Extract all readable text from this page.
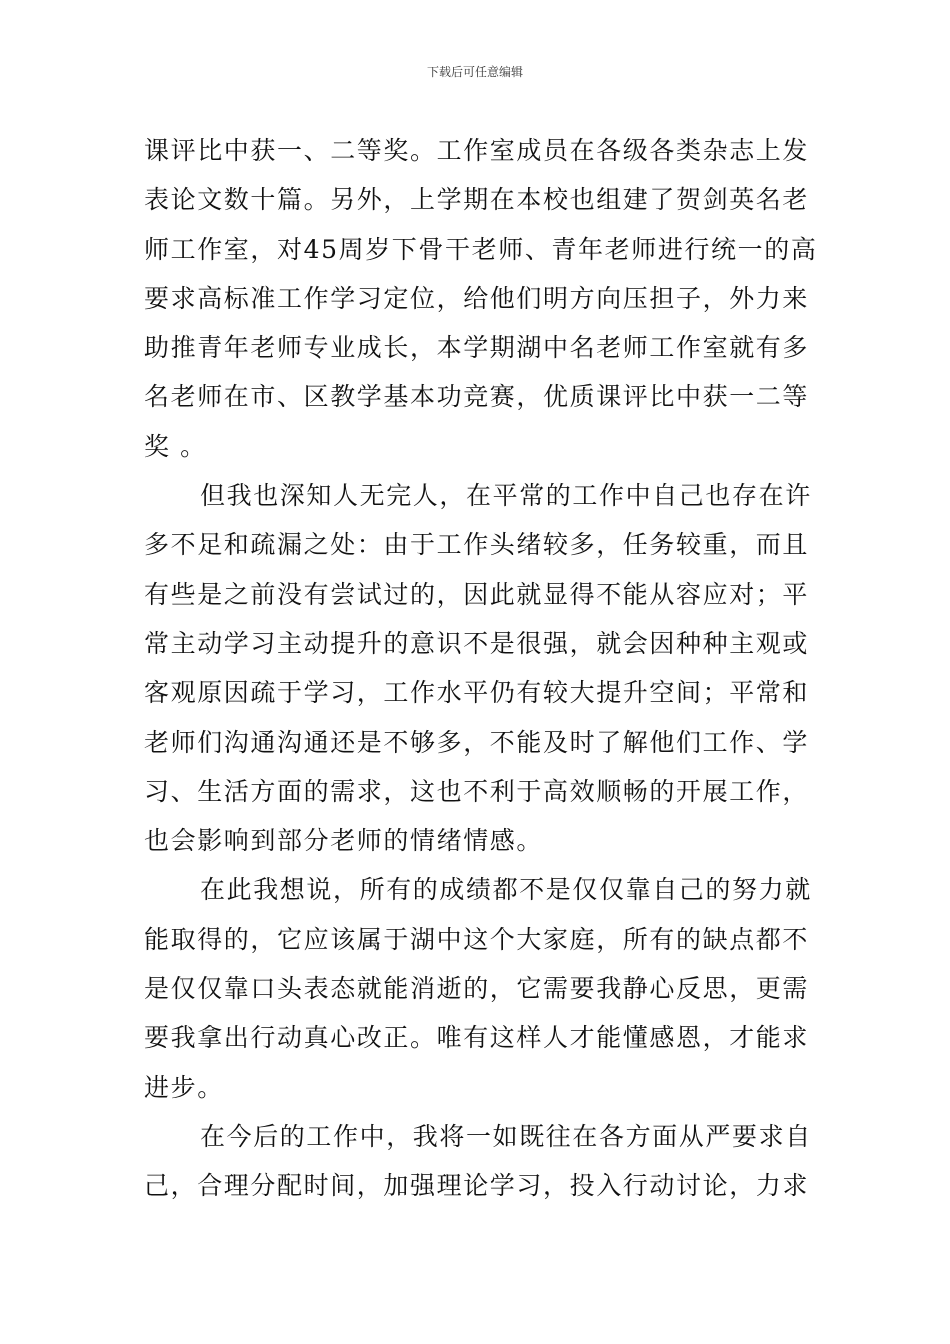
下载后可任意编辑
课评比中获一、二等奖。工作室成员在各级各类杂志上发
表论文数十篇。另外，上学期在本校也组建了贺剑英名老
师工作室，对45周岁下骨干老师、青年老师进行统一的高
要求高标准工作学习定位，给他们明方向压担子，外力来
助推青年老师专业成长，本学期湖中名老师工作室就有多
名老师在市、区教学基本功竞赛，优质课评比中获一二等
奖 。
但我也深知人无完人，在平常的工作中自己也存在许
多不足和疏漏之处：由于工作头绪较多，任务较重，而且
有些是之前没有尝试过的，因此就显得不能从容应对；平
常主动学习主动提升的意识不是很强，就会因种种主观或
客观原因疏于学习，工作水平仍有较大提升空间；平常和
老师们沟通沟通还是不够多，不能及时了解他们工作、学
习、生活方面的需求，这也不利于高效顺畅的开展工作，
也会影响到部分老师的情绪情感。
在此我想说，所有的成绩都不是仅仅靠自己的努力就
能取得的，它应该属于湖中这个大家庭，所有的缺点都不
是仅仅靠口头表态就能消逝的，它需要我静心反思，更需
要我拿出行动真心改正。唯有这样人才能懂感恩，才能求
进步。
在今后的工作中，我将一如既往在各方面从严要求自
己，合理分配时间，加强理论学习，投入行动讨论，力求
